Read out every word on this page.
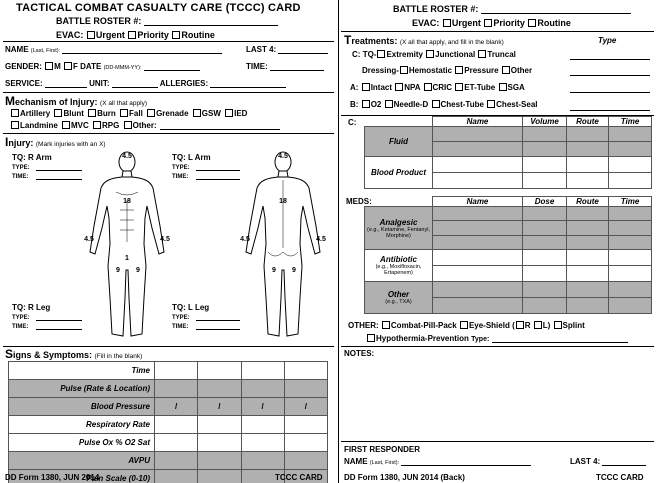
TACTICAL COMBAT CASUALTY CARE (TCCC) CARD
BATTLE ROSTER #:
EVAC: Urgent Priority Routine
NAME (Last, First):	LAST 4:
GENDER: M F DATE (DD-MMM-YY):	TIME:
SERVICE:	UNIT:	ALLERGIES:
Mechanism of Injury: (X all that apply)
Artillery Blunt Burn Fall Grenade GSW IED
Landmine MVC RPG Other:
Injury: (Mark injuries with an X)
TQ: R Arm
TYPE:
TIME:
TQ: L Arm
TYPE:
TIME:
TQ: R Leg
TYPE:
TIME:
TQ: L Leg
TYPE:
TIME:
4.5
18
1
4.5	4.5
9 9
4.5
18
4.5	4.5
9 9
Signs & Symptoms: (Fill in the blank)
Time				
Pulse (Rate & Location)				
Blood Pressure	/	/	/	/
Respiratory Rate				
Pulse Ox % O2 Sat				
AVPU				
Pain Scale (0-10)				
DD Form 1380, JUN 2014	TCCC CARD
BATTLE ROSTER #:
EVAC: Urgent Priority Routine
Treatments: (X all that apply, and fill in the blank)	Type
C: TQ- Extremity Junctional Truncal
Dressing- Hemostatic Pressure Other
A: Intact NPA CRIC ET-Tube SGA
B: O2 Needle-D Chest-Tube Chest-Seal
C:
		Name	Volume	Route	Time
Fluid				

Blood Product				

MEDS:
		Name	Dose	Route	Time

Analgesic
(e.g., Ketamine, Fentanyl, Morphine)				

Antibiotic
(e.g., Moxifloxacin, Ertapenem)				

Other
(e.g., TXA)				

OTHER: Combat-Pill-Pack Eye-Shield ( R L) Splint
Hypothermia-Prevention Type:
NOTES:
FIRST RESPONDER
NAME (Last, First):	LAST 4:
DD Form 1380, JUN 2014 (Back)	TCCC CARD
